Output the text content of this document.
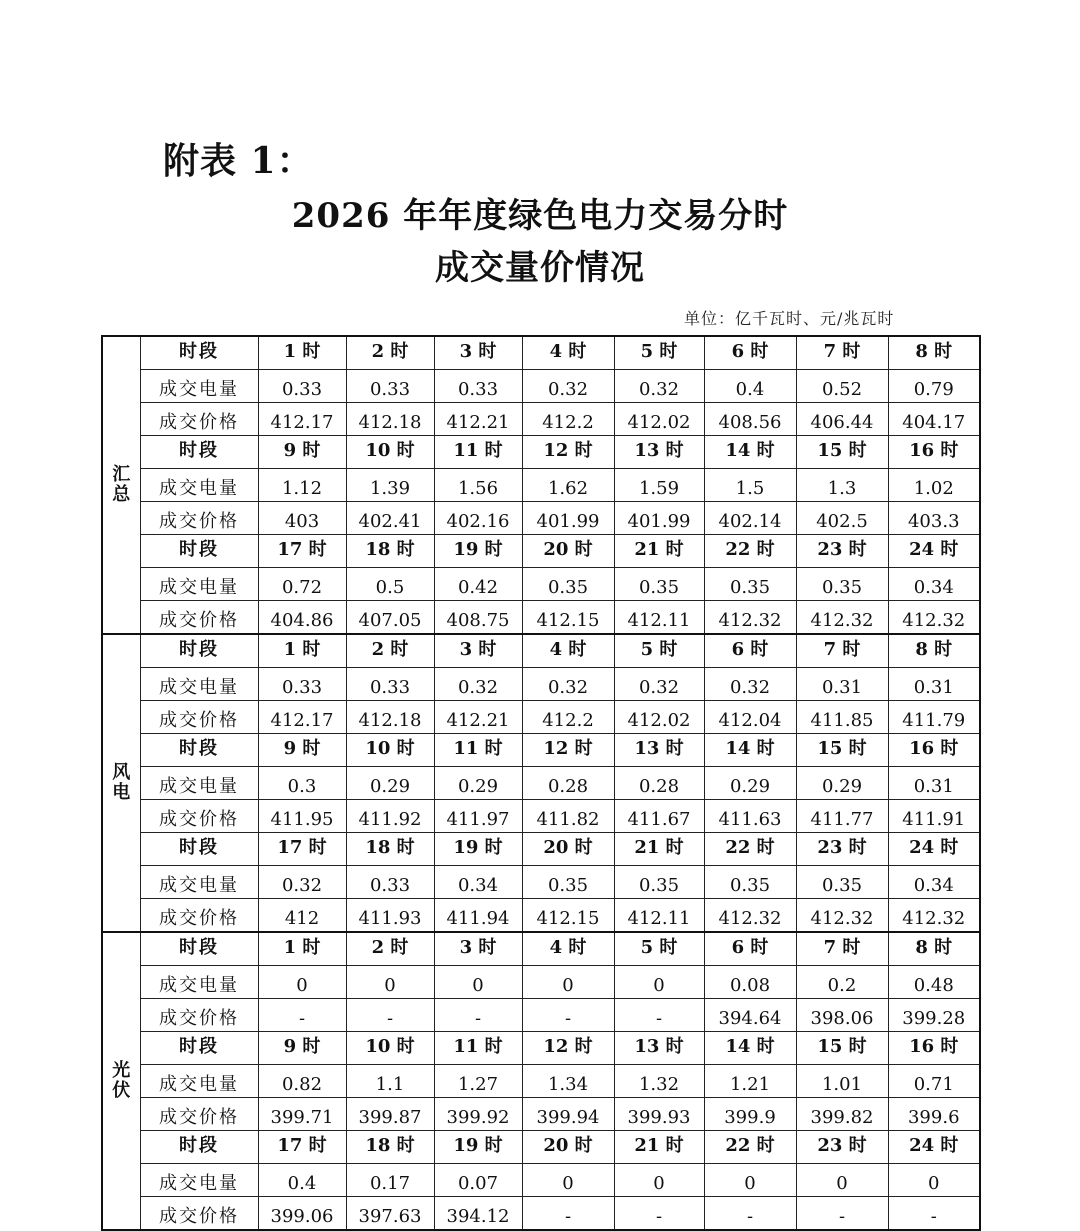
附表 1：
2026 年年度绿色电力交易分时
成交量价情况
单位：亿千瓦时、元/兆瓦时
汇
总	时段	1 时	2 时	3 时	4 时	5 时	6 时	7 时	8 时
	成交电量	0.33	0.33	0.33	0.32	0.32	0.4	0.52	0.79
	成交价格	412.17	412.18	412.21	412.2	412.02	408.56	406.44	404.17
	时段	9 时	10 时	11 时	12 时	13 时	14 时	15 时	16 时
	成交电量	1.12	1.39	1.56	1.62	1.59	1.5	1.3	1.02
	成交价格	403	402.41	402.16	401.99	401.99	402.14	402.5	403.3
	时段	17 时	18 时	19 时	20 时	21 时	22 时	23 时	24 时
	成交电量	0.72	0.5	0.42	0.35	0.35	0.35	0.35	0.34
	成交价格	404.86	407.05	408.75	412.15	412.11	412.32	412.32	412.32

风
电	时段	1 时	2 时	3 时	4 时	5 时	6 时	7 时	8 时
	成交电量	0.33	0.33	0.32	0.32	0.32	0.32	0.31	0.31
	成交价格	412.17	412.18	412.21	412.2	412.02	412.04	411.85	411.79
	时段	9 时	10 时	11 时	12 时	13 时	14 时	15 时	16 时
	成交电量	0.3	0.29	0.29	0.28	0.28	0.29	0.29	0.31
	成交价格	411.95	411.92	411.97	411.82	411.67	411.63	411.77	411.91
	时段	17 时	18 时	19 时	20 时	21 时	22 时	23 时	24 时
	成交电量	0.32	0.33	0.34	0.35	0.35	0.35	0.35	0.34
	成交价格	412	411.93	411.94	412.15	412.11	412.32	412.32	412.32

光
伏	时段	1 时	2 时	3 时	4 时	5 时	6 时	7 时	8 时
	成交电量	0	0	0	0	0	0.08	0.2	0.48
	成交价格	-	-	-	-	-	394.64	398.06	399.28
	时段	9 时	10 时	11 时	12 时	13 时	14 时	15 时	16 时
	成交电量	0.82	1.1	1.27	1.34	1.32	1.21	1.01	0.71
	成交价格	399.71	399.87	399.92	399.94	399.93	399.9	399.82	399.6
	时段	17 时	18 时	19 时	20 时	21 时	22 时	23 时	24 时
	成交电量	0.4	0.17	0.07	0	0	0	0	0
	成交价格	399.06	397.63	394.12	-	-	-	-	-
